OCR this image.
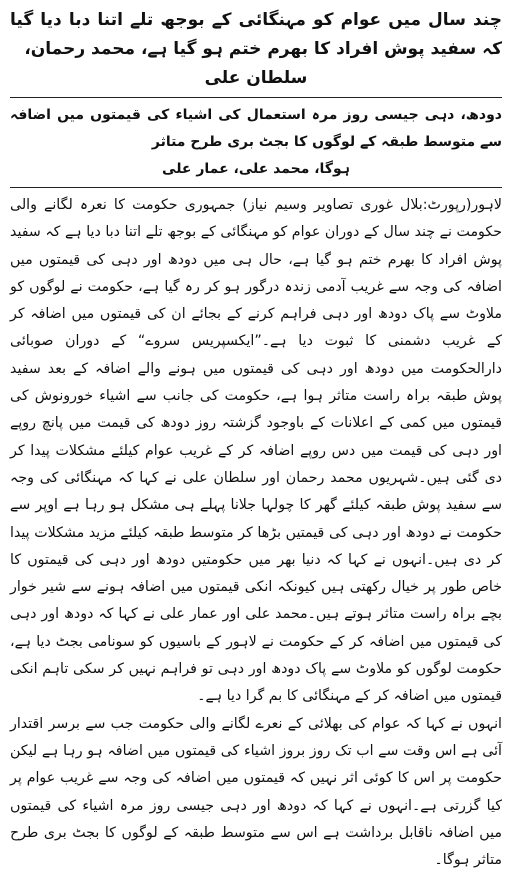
چند سال میں عوام کو مہنگائی کے بوجھ تلے اتنا دبا دیا گیا کہ سفید پوش افراد کا بھرم ختم ہو گیا ہے، محمد رحمان،
سلطان علی
دودھ، دہی جیسی روز مرہ استعمال کی اشیاء کی قیمتوں میں اضافہ سے متوسط طبقہ کے لوگوں کا بجٹ بری طرح متاثر
ہوگا، محمد علی، عمار علی

لاہور(رپورٹ:بلال غوری تصاویر وسیم نیاز) جمہوری حکومت کا نعرہ لگانے والی حکومت نے چند سال کے دوران عوام کو مہنگائی کے بوجھ تلے اتنا دبا دیا ہے کہ سفید پوش افراد کا بھرم ختم ہو گیا ہے، حال ہی میں دودھ اور دہی کی قیمتوں میں اضافہ کی وجہ سے غریب آدمی زندہ درگور ہو کر رہ گیا ہے، حکومت نے لوگوں کو ملاوٹ سے پاک دودھ اور دہی فراہم کرنے کے بجائے ان کی قیمتوں میں اضافہ کر کے غریب دشمنی کا ثبوت دیا ہے۔”ایکسپریس سروے“ کے دوران صوبائی دارالحکومت میں دودھ اور دہی کی قیمتوں میں ہونے والے اضافہ کے بعد سفید پوش طبقہ براہ راست متاثر ہوا ہے، حکومت کی جانب سے اشیاء خورونوش کی قیمتوں میں کمی کے اعلانات کے باوجود گزشتہ روز دودھ کی قیمت میں پانچ روپے اور دہی کی قیمت میں دس روپے اضافہ کر کے غریب عوام کیلئے مشکلات پیدا کر دی گئی ہیں۔شہریوں محمد رحمان اور سلطان علی نے کہا کہ مہنگائی کی وجہ سے سفید پوش طبقہ کیلئے گھر کا چولہا جلانا پہلے ہی مشکل ہو رہا ہے اوپر سے حکومت نے دودھ اور دہی کی قیمتیں بڑھا کر متوسط طبقہ کیلئے مزید مشکلات پیدا کر دی ہیں۔انہوں نے کہا کہ دنیا بھر میں حکومتیں دودھ اور دہی کی قیمتوں کا خاص طور پر خیال رکھتی ہیں کیونکہ انکی قیمتوں میں اضافہ ہونے سے شیر خوار بچے براہ راست متاثر ہوتے ہیں۔محمد علی اور عمار علی نے کہا کہ دودھ اور دہی کی قیمتوں میں اضافہ کر کے حکومت نے لاہور کے باسیوں کو سونامی بجٹ دیا ہے، حکومت لوگوں کو ملاوٹ سے پاک دودھ اور دہی تو فراہم نہیں کر سکی تاہم انکی قیمتوں میں اضافہ کر کے مہنگائی کا بم گرا دیا ہے۔

انہوں نے کہا کہ عوام کی بھلائی کے نعرے لگانے والی حکومت جب سے برسر اقتدار آئی ہے اس وقت سے اب تک روز بروز اشیاء کی قیمتوں میں اضافہ ہو رہا ہے لیکن حکومت پر اس کا کوئی اثر نہیں کہ قیمتوں میں اضافہ کی وجہ سے غریب عوام پر کیا گزرتی ہے۔انہوں نے کہا کہ دودھ اور دہی جیسی روز مرہ اشیاء کی قیمتوں میں اضافہ ناقابل برداشت ہے اس سے متوسط طبقہ کے لوگوں کا بجٹ بری طرح متاثر ہوگا۔
